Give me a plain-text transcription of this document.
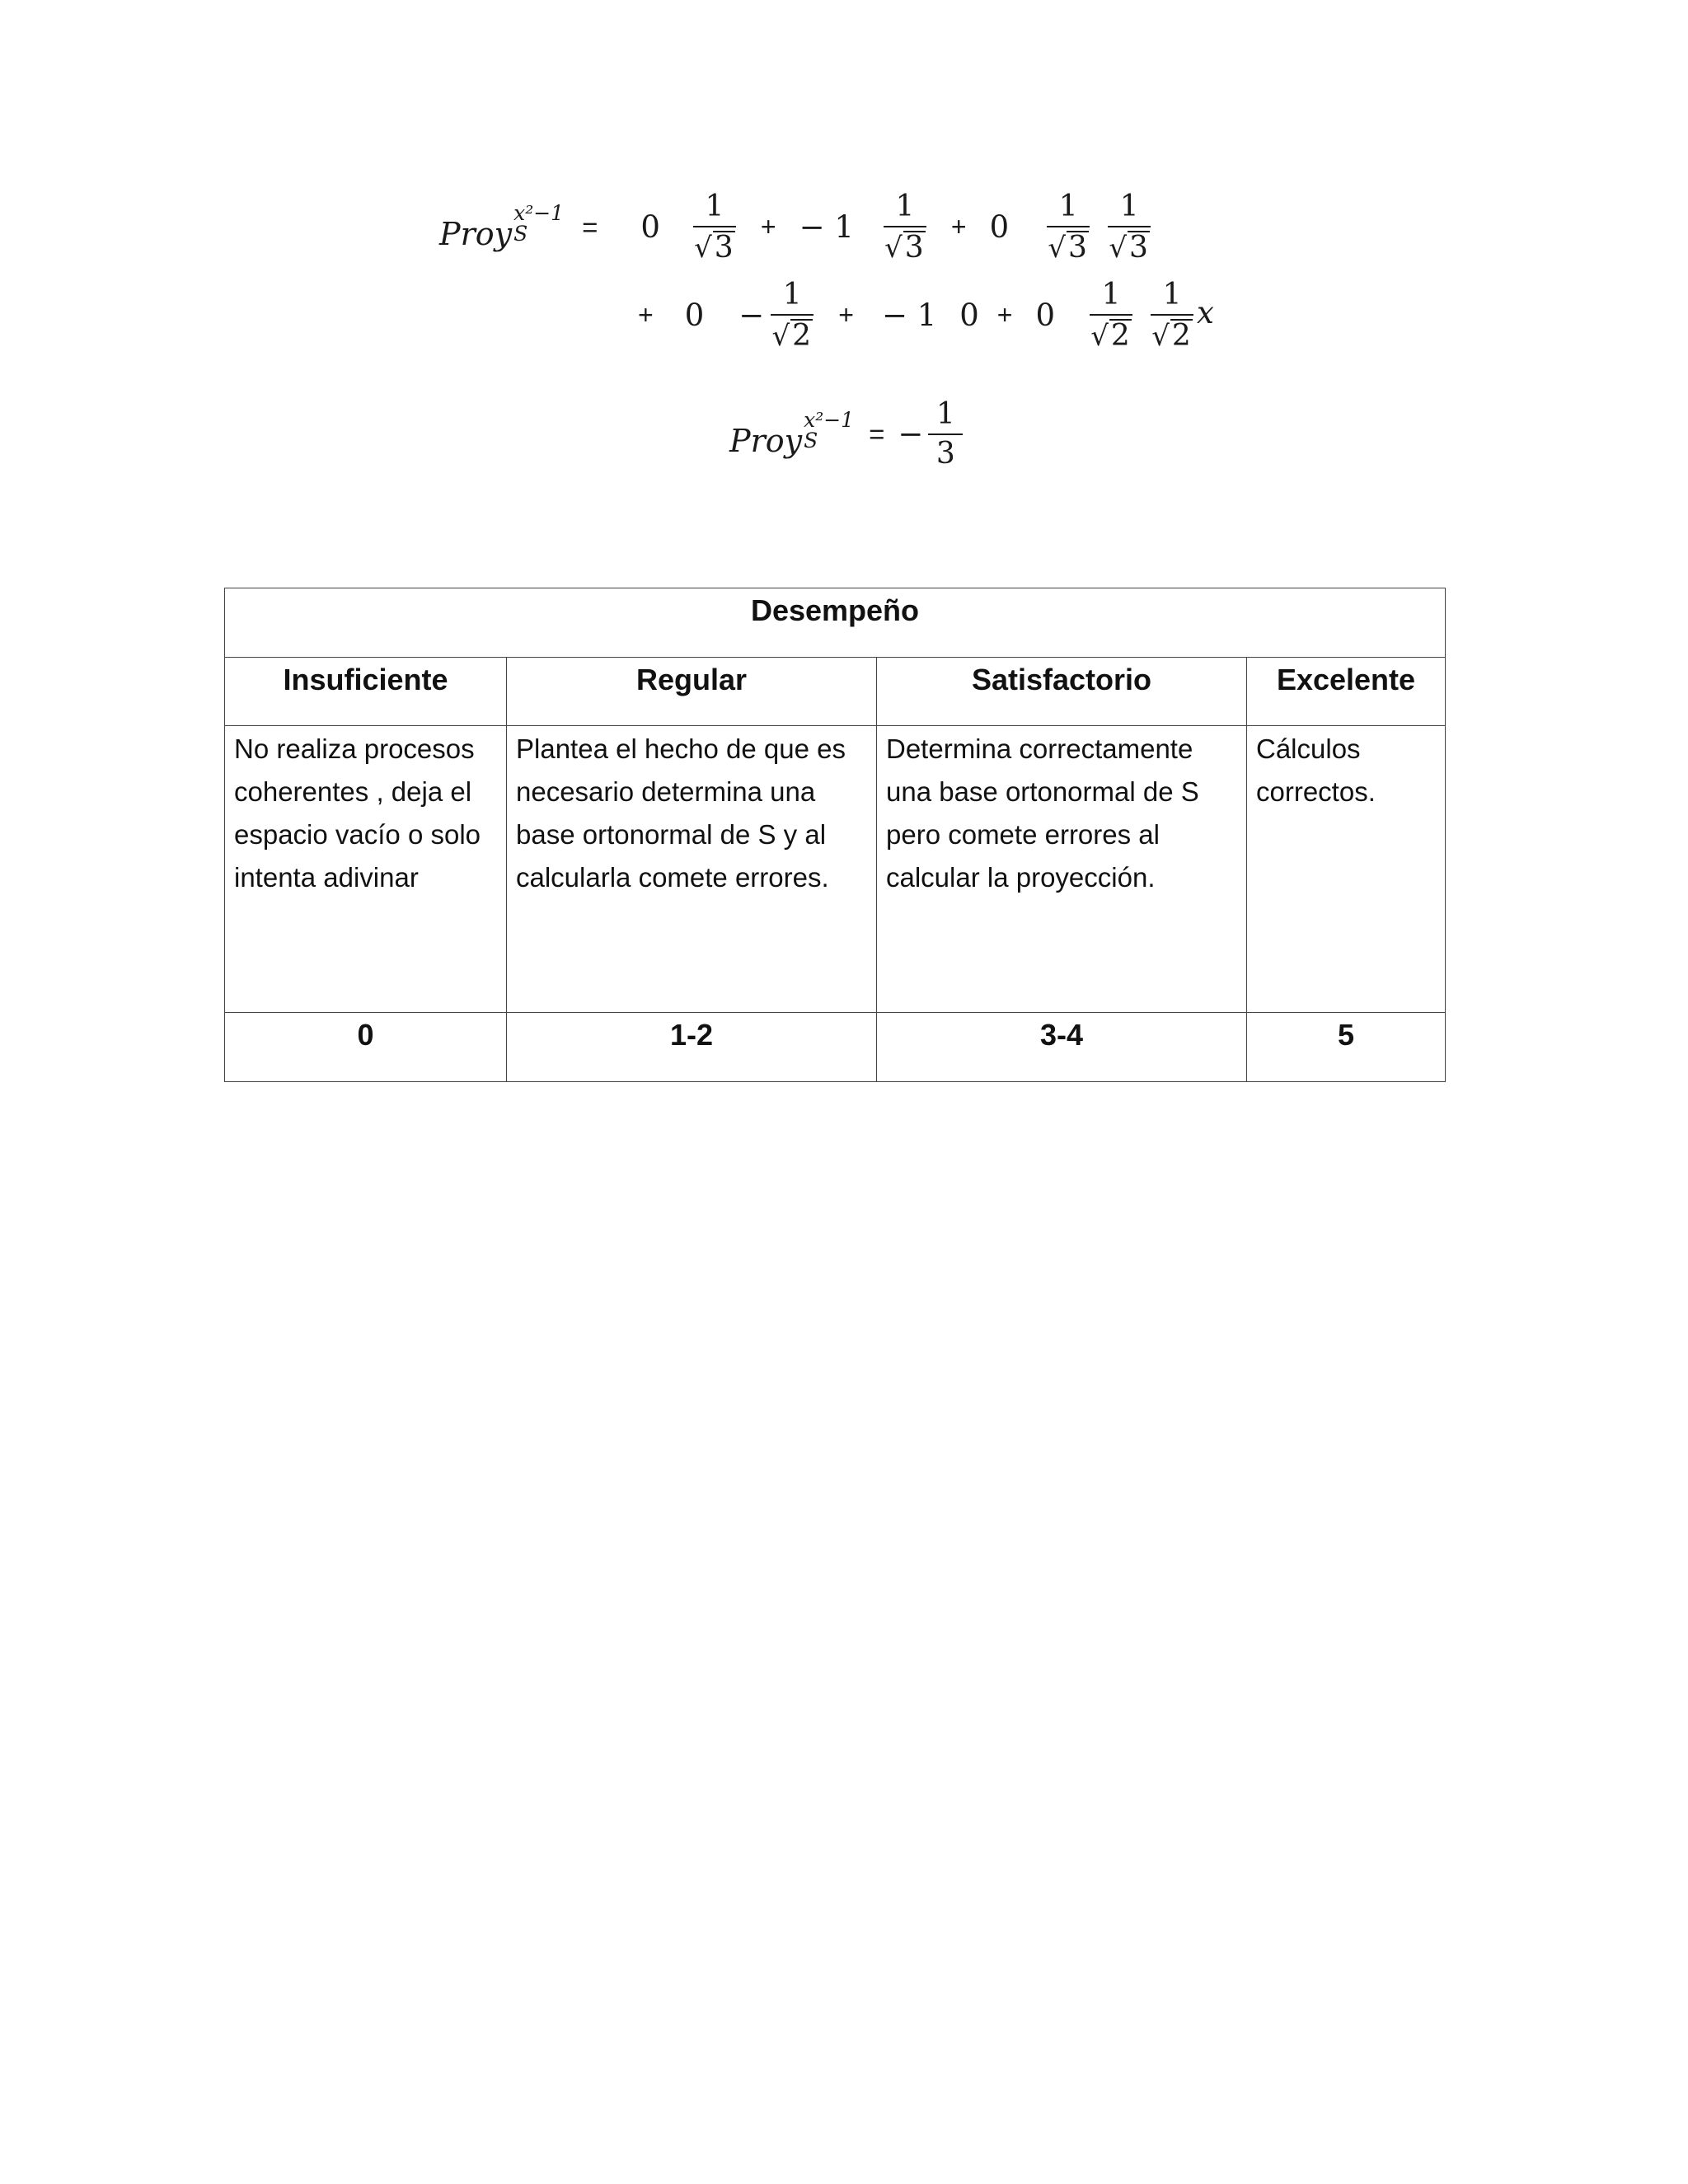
Proy
x²−1
S	= $0 \frac{1}{√ 3}$ + − $1 \frac{1}{√ 3} + 0 \frac{1}{√ 3} \frac{1}{√ 3}$
+ $0 - \frac{1}{√ 2}$ + − 1 $0 + 0 \frac{1}{√ 2} \frac{1}{√ 2}$ x
Proy
x²−1
S	= − $\frac{1}{3}$
Desempeño			
Insuficiente	Regular	Satisfactorio	Excelente
No realiza procesos coherentes , deja el espacio vacío o solo intenta adivinar	Plantea el hecho de que es necesario determina una base ortonormal de S y al calcularla comete errores.	Determina correctamente una base ortonormal de S pero comete errores al calcular la proyección.	Cálculos correctos.
0	1-2	3-4	5
